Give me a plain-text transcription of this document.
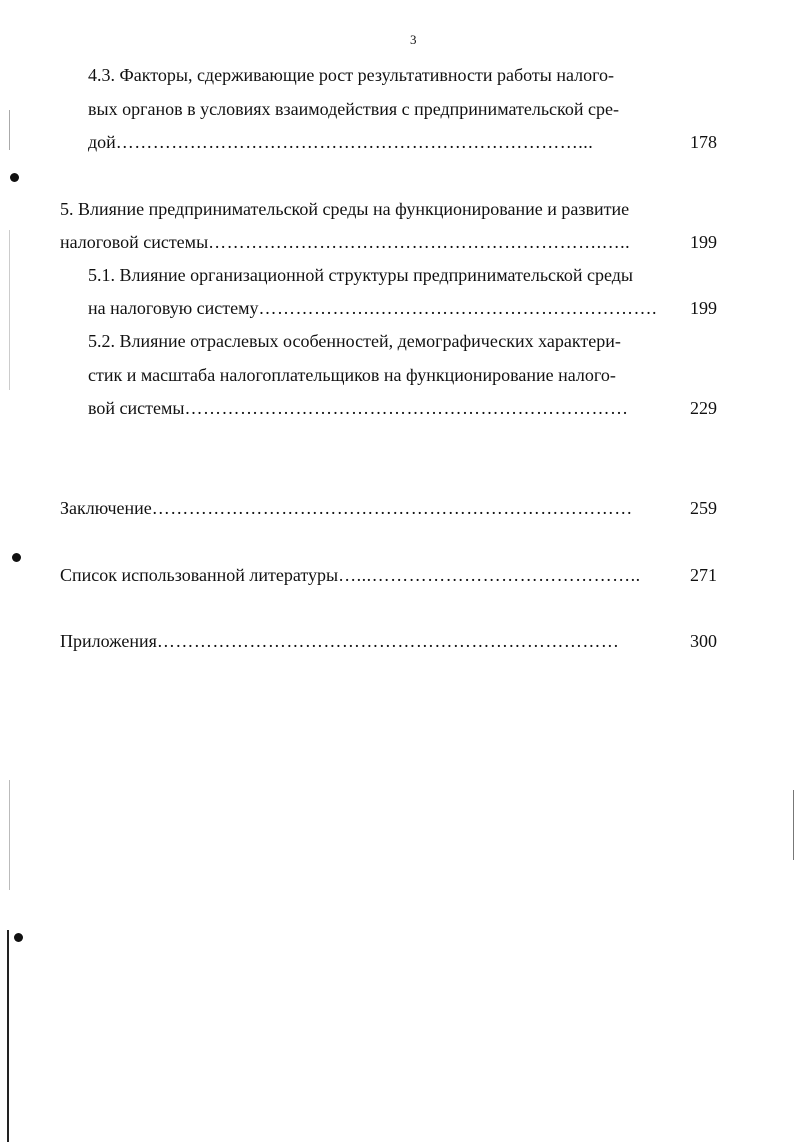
3
4.3. Факторы, сдерживающие рост результативности работы налого-
вых органов в условиях взаимодействия с предпринимательской сре-
дой…………………………………………………………………...	178
5. Влияние предпринимательской среды на функционирование и развитие
налоговой системы……………………………………………………….…..	199
5.1. Влияние организационной структуры предпринимательской среды
на налоговую систему……………….………………………………………. 199
5.2. Влияние отраслевых особенностей, демографических характери-
стик и масштаба налогоплательщиков на функционирование налого-
вой системы………………………………………………………………	229
Заключение……………………………………………………………………	259
Список использованной литературы…...……………………………………..	271
Приложения…………………………………………………………………	300
